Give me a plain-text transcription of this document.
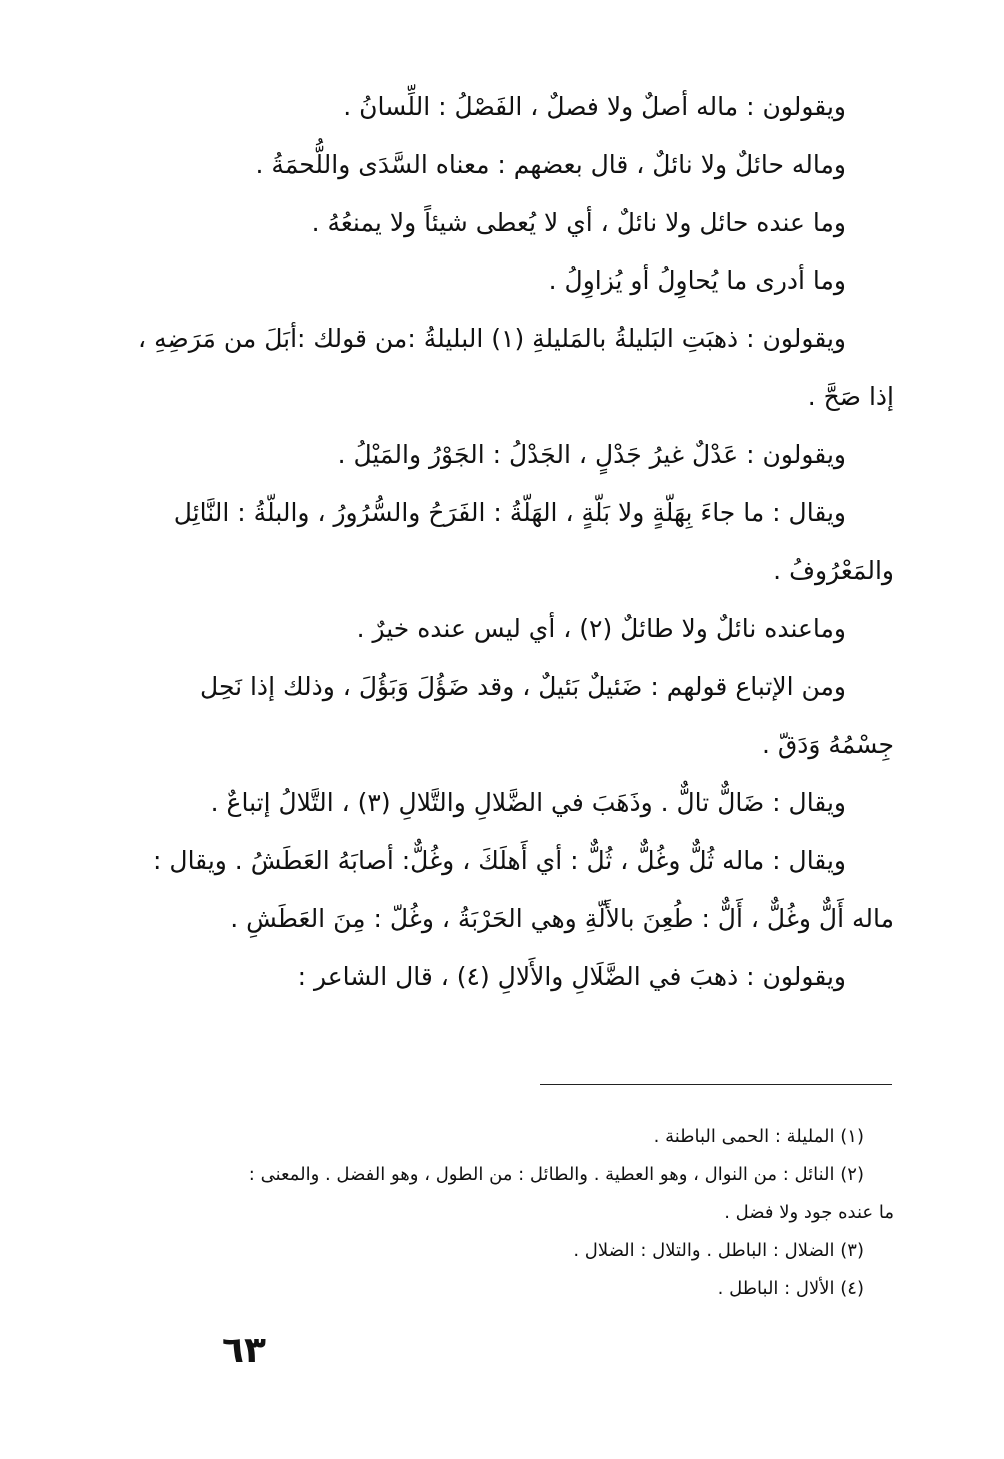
ويقولون : ماله أصلٌ ولا فصلٌ ، الفَصْلُ : اللِّسانُ .
وماله حائلٌ ولا نائلٌ ، قال بعضهم : معناه السَّدَى واللُّحمَةُ .
وما عنده حائل ولا نائلٌ ، أي لا يُعطى شيئاً ولا يمنعُهُ .
وما أدرى ما يُحاوِلُ أو يُزاوِلُ .
ويقولون : ذهبَتِ البَليلةُ بالمَليلةِ (١) البليلةُ :من قولك :أبَلَ من مَرَضِهِ ،
إذا صَحَّ .
ويقولون : عَدْلٌ غيرُ جَدْلٍ ، الجَدْلُ : الجَوْرُ والمَيْلُ .
ويقال : ما جاءَ بِهَلّةٍ ولا بَلّةٍ ، الهَلّةُ : الفَرَحُ والسُّرُورُ ، والبلّةُ : النَّائِل
والمَعْرُوفُ .
وماعنده نائلٌ ولا طائلٌ (٢) ، أي ليس عنده خيرٌ .
ومن الإتباع قولهم : ضَئيلٌ بَئيلٌ ، وقد ضَؤُلَ وَبَؤُلَ ، وذلك إذا نَحِل
جِسْمُهُ وَدَقّ .
ويقال : ضَالٌّ تالٌّ . وذَهَبَ في الضَّلالِ والتَّلالِ (٣) ، التَّلالُ إتباعٌ .
ويقال : ماله ثُلٌّ وغُلٌّ ، ثُلٌّ : أي أَهلَكَ ، وغُلٌّ: أصابَهُ العَطَشُ . ويقال :
ماله أَلٌّ وغُلٌّ ، أَلٌّ : طُعِنَ بالأَلّةِ وهي الحَرْبَةُ ، وغُلّ : مِنَ العَطَشِ .
ويقولون : ذهبَ في الضَّلَالِ والأَلالِ (٤) ، قال الشاعر :
(١) المليلة : الحمى الباطنة .
(٢) النائل : من النوال ، وهو العطية . والطائل : من الطول ، وهو الفضل . والمعنى :
ما عنده جود ولا فضل .
(٣) الضلال : الباطل . والتلال : الضلال .
(٤) الألال : الباطل .
٦٣
